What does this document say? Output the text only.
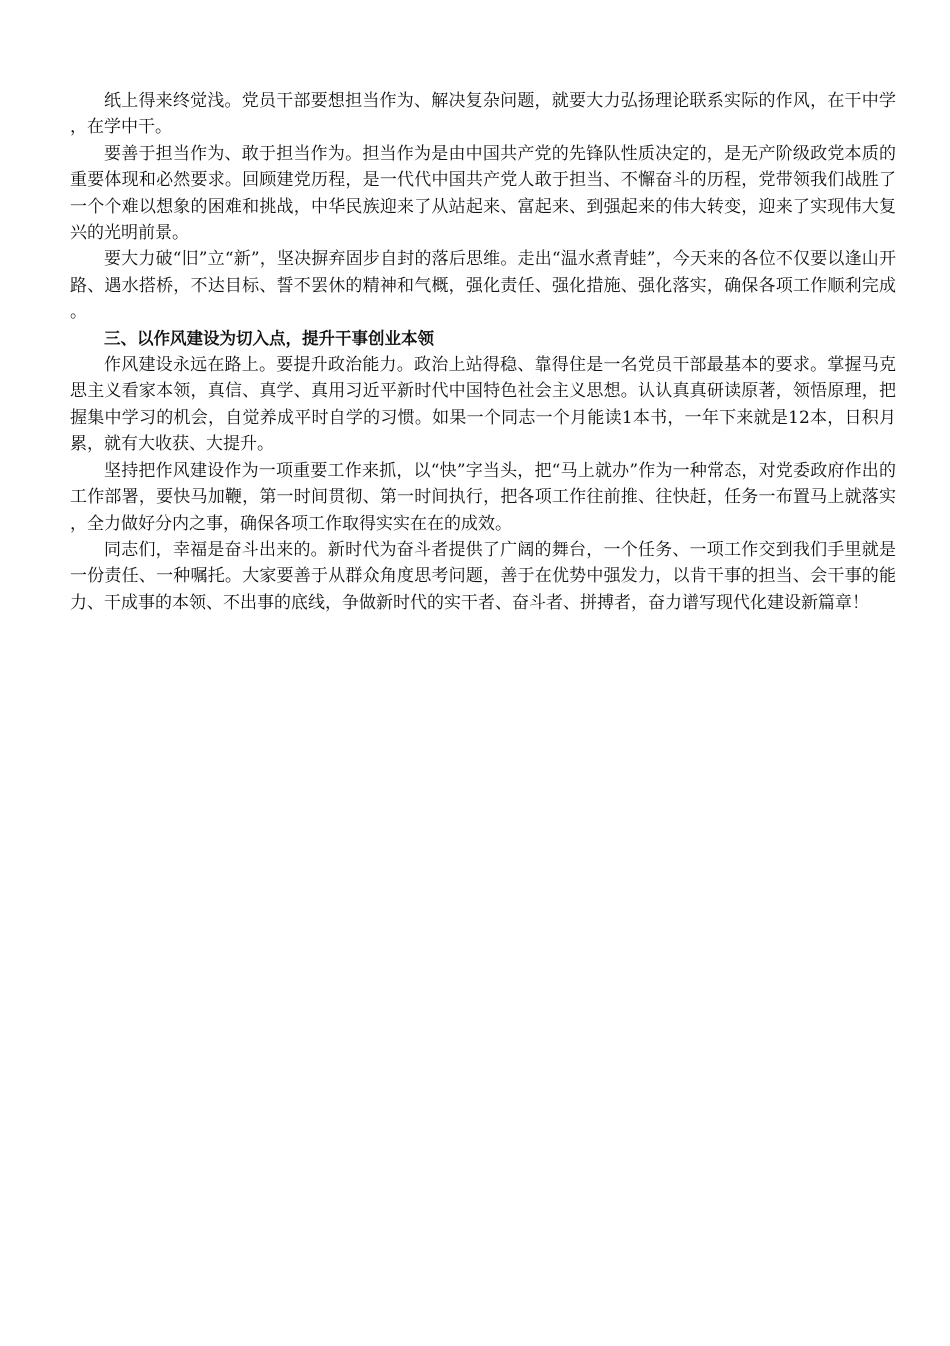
纸上得来终觉浅。党员干部要想担当作为、解决复杂问题，就要大力弘扬理论联系实际的作风，在干中学，在学中干。

要善于担当作为、敢于担当作为。担当作为是由中国共产党的先锋队性质决定的，是无产阶级政党本质的重要体现和必然要求。回顾建党历程，是一代代中国共产党人敢于担当、不懈奋斗的历程，党带领我们战胜了一个个难以想象的困难和挑战，中华民族迎来了从站起来、富起来、到强起来的伟大转变，迎来了实现伟大复兴的光明前景。

要大力破“旧”立“新”，坚决摒弃固步自封的落后思维。走出“温水煮青蛙”，今天来的各位不仅要以逢山开路、遇水搭桥，不达目标、誓不罢休的精神和气概，强化责任、强化措施、强化落实，确保各项工作顺利完成。

三、以作风建设为切入点，提升干事创业本领

作风建设永远在路上。要提升政治能力。政治上站得稳、靠得住是一名党员干部最基本的要求。掌握马克思主义看家本领，真信、真学、真用习近平新时代中国特色社会主义思想。认认真真研读原著，领悟原理，把握集中学习的机会，自觉养成平时自学的习惯。如果一个同志一个月能读1本书，一年下来就是12本，日积月累，就有大收获、大提升。

坚持把作风建设作为一项重要工作来抓，以“快”字当头，把“马上就办”作为一种常态，对党委政府作出的工作部署，要快马加鞭，第一时间贯彻、第一时间执行，把各项工作往前推、往快赶，任务一布置马上就落实，全力做好分内之事，确保各项工作取得实实在在的成效。

同志们，幸福是奋斗出来的。新时代为奋斗者提供了广阔的舞台，一个任务、一项工作交到我们手里就是一份责任、一种嘱托。大家要善于从群众角度思考问题，善于在优势中强发力，以肯干事的担当、会干事的能力、干成事的本领、不出事的底线，争做新时代的实干者、奋斗者、拼搏者，奋力谱写现代化建设新篇章！
